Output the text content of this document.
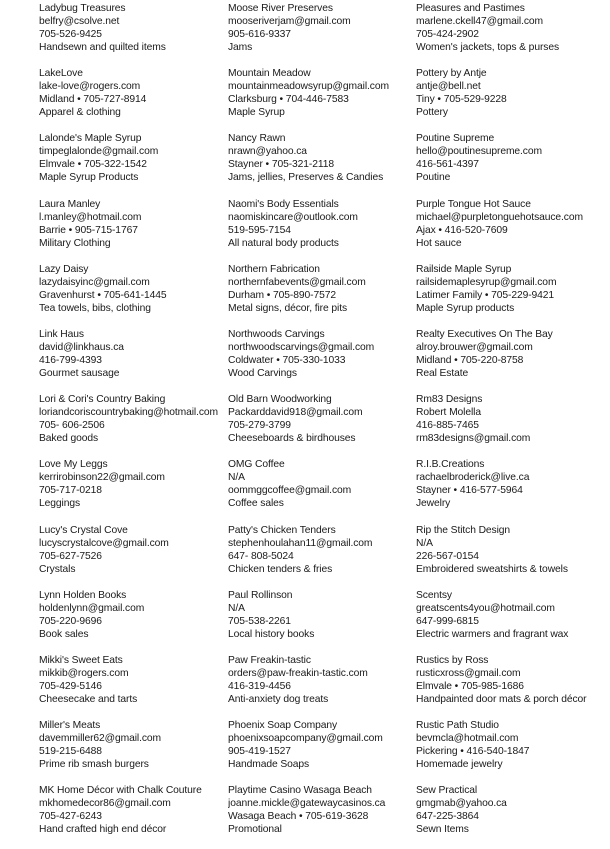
Ladybug Treasures
belfry@csolve.net
705-526-9425
Handsewn and quilted items
LakeLove
lake-love@rogers.com
Midland • 705-727-8914
Apparel & clothing
Lalonde's Maple Syrup
timpeglalonde@gmail.com
Elmvale • 705-322-1542
Maple Syrup Products
Laura Manley
l.manley@hotmail.com
Barrie • 905-715-1767
Military Clothing
Lazy Daisy
lazydaisyinc@gmail.com
Gravenhurst • 705-641-1445
Tea towels, bibs, clothing
Link Haus
david@linkhaus.ca
416-799-4393
Gourmet sausage
Lori & Cori's Country Baking
loriandcoriscountrybaking@hotmail.com
705- 606-2506
Baked goods
Love My Leggs
kerrirobinson22@gmail.com
705-717-0218
Leggings
Lucy's Crystal Cove
lucyscrystalcove@gmail.com
705-627-7526
Crystals
Lynn Holden Books
holdenlynn@gmail.com
705-220-9696
Book sales
Mikki's Sweet Eats
mikkib@rogers.com
705-429-5146
Cheesecake and tarts
Miller's Meats
davemmiller62@gmail.com
519-215-6488
Prime rib smash burgers
MK Home Décor with Chalk Couture
mkhomedecor86@gmail.com
705-427-6243
Hand crafted high end décor
Moose River Preserves
mooseriverjam@gmail.com
905-616-9337
Jams
Mountain Meadow
mountainmeadowsyrup@gmail.com
Clarksburg • 704-446-7583
Maple Syrup
Nancy Rawn
nrawn@yahoo.ca
Stayner • 705-321-2118
Jams, jellies, Preserves & Candies
Naomi's Body Essentials
naomiskincare@outlook.com
519-595-7154
All natural body products
Northern Fabrication
northernfabevents@gmail.com
Durham • 705-890-7572
Metal signs, décor, fire pits
Northwoods Carvings
northwoodscarvings@gmail.com
Coldwater • 705-330-1033
Wood Carvings
Old Barn Woodworking
Packarddavid918@gmail.com
705-279-3799
Cheeseboards & birdhouses
OMG Coffee
N/A
oommggcoffee@gmail.com
Coffee sales
Patty's Chicken Tenders
stephenhoulahan11@gmail.com
647- 808-5024
Chicken tenders & fries
Paul Rollinson
N/A
705-538-2261
Local history books
Paw Freakin-tastic
orders@paw-freakin-tastic.com
416-319-4456
Anti-anxiety dog treats
Phoenix Soap Company
phoenixsoapcompany@gmail.com
905-419-1527
Handmade Soaps
Playtime Casino Wasaga Beach
joanne.mickle@gatewaycasinos.ca
Wasaga Beach • 705-619-3628
Promotional
Pleasures and Pastimes
marlene.ckell47@gmail.com
705-424-2902
Women's jackets, tops & purses
Pottery by Antje
antje@bell.net
Tiny • 705-529-9228
Pottery
Poutine Supreme
hello@poutinesupreme.com
416-561-4397
Poutine
Purple Tongue Hot Sauce
michael@purpletonguehotsauce.com
Ajax • 416-520-7609
Hot sauce
Railside Maple Syrup
railsidemaplesyrup@gmail.com
Latimer Family • 705-229-9421
Maple Syrup products
Realty Executives On The Bay
alroy.brouwer@gmail.com
Midland • 705-220-8758
Real Estate
Rm83 Designs
Robert Molella
416-885-7465
rm83designs@gmail.com
R.I.B.Creations
rachaelbroderick@live.ca
Stayner • 416-577-5964
Jewelry
Rip the Stitch Design
N/A
226-567-0154
Embroidered sweatshirts & towels
Scentsy
greatscents4you@hotmail.com
647-999-6815
Electric warmers and fragrant wax
Rustics by Ross
rusticxross@gmail.com
Elmvale • 705-985-1686
Handpainted door mats & porch décor
Rustic Path Studio
bevmcla@hotmail.com
Pickering • 416-540-1847
Homemade jewelry
Sew Practical
gmgmab@yahoo.ca
647-225-3864
Sewn Items
